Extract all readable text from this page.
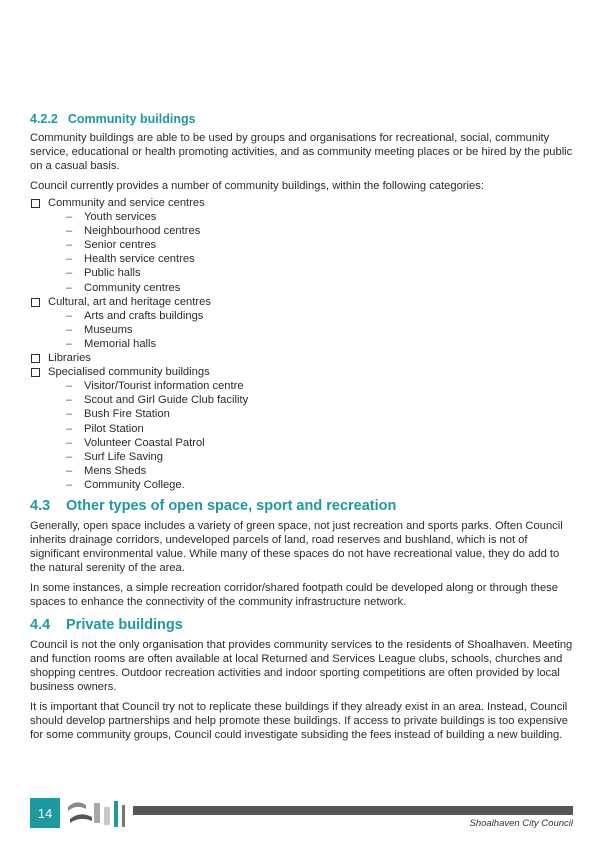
4.2.2 Community buildings

Community buildings are able to be used by groups and organisations for recreational, social, community service, educational or health promoting activities, and as community meeting places or be hired by the public on a casual basis.

Council currently provides a number of community buildings, within the following categories:

Community and service centres
– Youth services
– Neighbourhood centres
– Senior centres
– Health service centres
– Public halls
– Community centres
Cultural, art and heritage centres
– Arts and crafts buildings
– Museums
– Memorial halls
Libraries
Specialised community buildings
– Visitor/Tourist information centre
– Scout and Girl Guide Club facility
– Bush Fire Station
– Pilot Station
– Volunteer Coastal Patrol
– Surf Life Saving
– Mens Sheds
– Community College.
4.3	Other types of open space, sport and recreation

Generally, open space includes a variety of green space, not just recreation and sports parks. Often Council inherits drainage corridors, undeveloped parcels of land, road reserves and bushland, which is not of significant environmental value. While many of these spaces do not have recreational value, they do add to the natural serenity of the area.

In some instances, a simple recreation corridor/shared footpath could be developed along or through these spaces to enhance the connectivity of the community infrastructure network.

4.4	Private buildings

Council is not the only organisation that provides community services to the residents of Shoalhaven. Meeting and function rooms are often available at local Returned and Services League clubs, schools, churches and shopping centres. Outdoor recreation activities and indoor sporting competitions are often provided by local business owners.

It is important that Council try not to replicate these buildings if they already exist in an area. Instead, Council should develop partnerships and help promote these buildings. If access to private buildings is too expensive for some community groups, Council could investigate subsiding the fees instead of building a new building.

14
Shoalhaven City Council
